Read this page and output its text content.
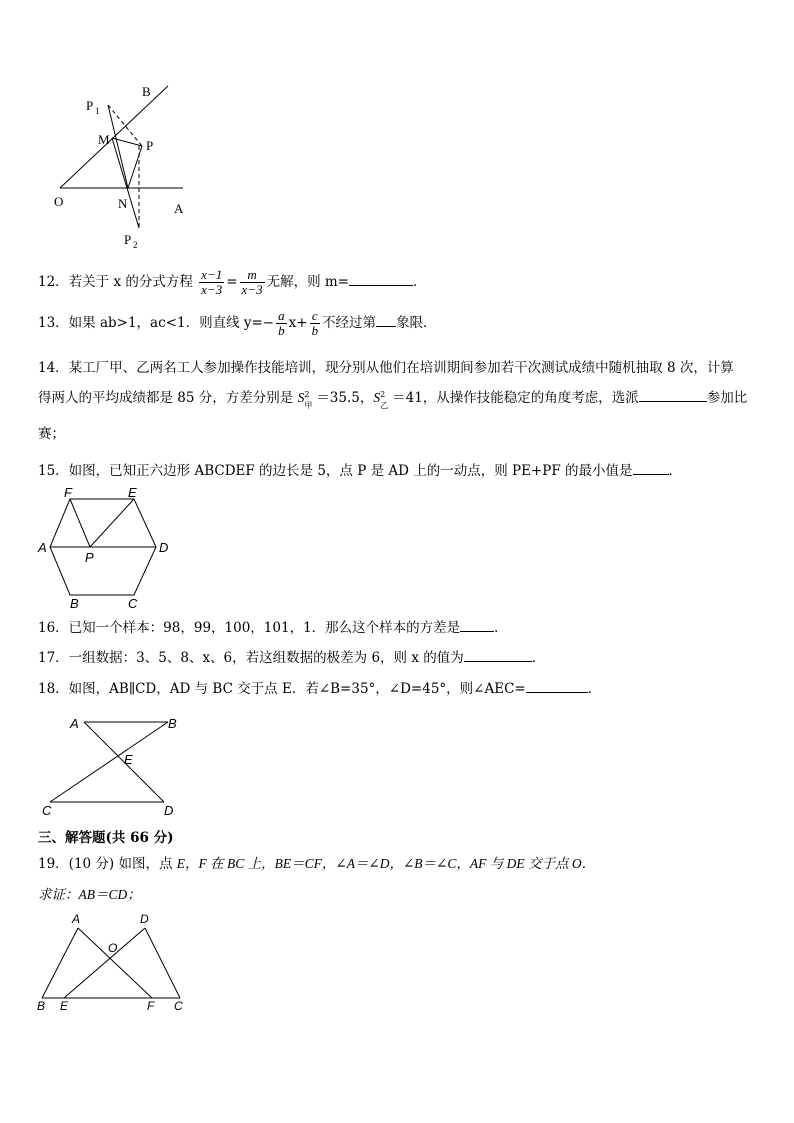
B
P 1
M	P
O	N	A
P 2
12．若关于 x 的分式方程 $\frac{x-1}{x-3} = \frac{m}{x-3}$ 无解，则 m=	．
13．如果 ab>1，ac<1．则直线 $y=- \frac{a}{b} x+ \frac{c}{b}$ 不经过第 象限．
14．某工厂甲、乙两名工人参加操作技能培训，现分别从他们在培训期间参加若干次测试成绩中随机抽取 8 次，计算
得两人的平均成绩都是 85 分，方差分别是 S 2
甲 ＝35.5，S 2
乙 ＝41，从操作技能稳定的角度考虑，选派	参加比
赛；
15．如图，已知正六边形 ABCDEF 的边长是 5，点 P 是 AD 上的一动点，则 PE+PF 的最小值是	．
F	E
A
P
D
B	C
16．已知一个样本：98，99，100，101，1．那么这个样本的方差是	．
17．一组数据：3、5、8、x、6，若这组数据的极差为 6，则 x 的值为	．
18．如图，AB∥CD，AD 与 BC 交于点 E．若∠B=35°，∠D=45°，则∠AEC=	．
A	B
E
C	D
三、解答题(共 66 分)
19．(10 分) 如图，点 E，F 在 BC 上，BE＝CF，∠A＝∠D，∠B＝∠C，AF 与 DE 交于点 O．
求证：AB＝CD；
A	D
O
B E	F C
